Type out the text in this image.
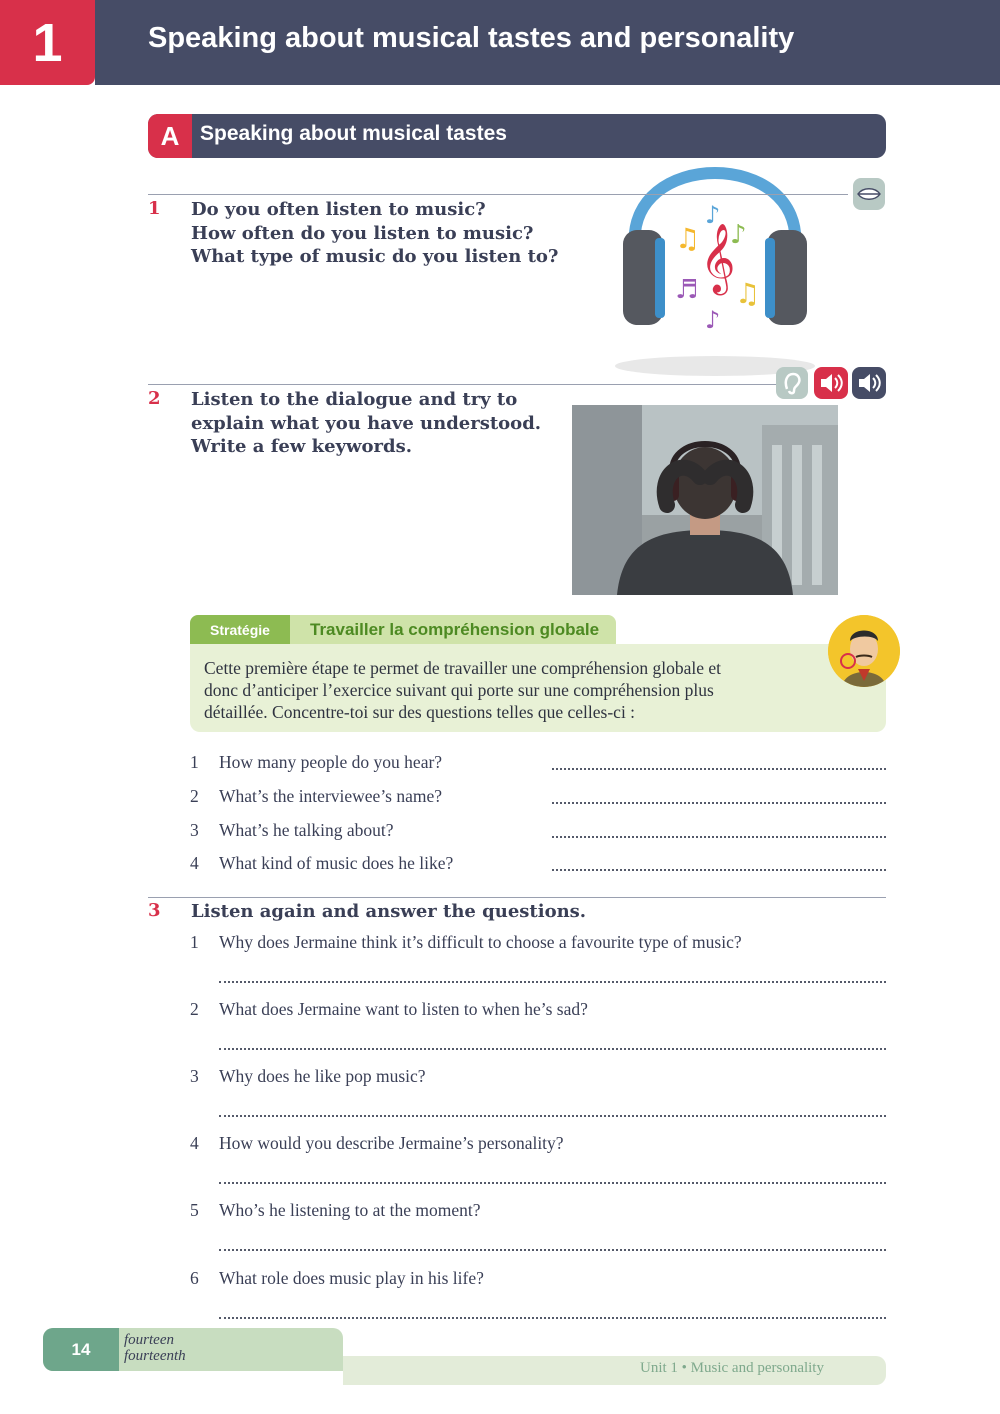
1	Speaking about musical tastes and personality
A Speaking about musical tastes
𝄞
♫ ♪
♬ ♫
♪
♪
1 Do you often listen to music?
How often do you listen to music?
What type of music do you listen to?
2 Listen to the dialogue and try to
explain what you have understood.
Write a few keywords.
Stratégie	Travailler la compréhension globale
Cette première étape te permet de travailler une compréhension globale et
donc d’anticiper l’exercice suivant qui porte sur une compréhension plus
détaillée. Concentre-toi sur des questions telles que celles-ci :
1 How many people do you hear?
2 What’s the interviewee’s name?
3 What’s he talking about?
4 What kind of music does he like?
3 Listen again and answer the questions.
1 Why does Jermaine think it’s difficult to choose a favourite type of music?
2 What does Jermaine want to listen to when he’s sad?
3 Why does he like pop music?
4 How would you describe Jermaine’s personality?
5 Who’s he listening to at the moment?
6 What role does music play in his life?
14	fourteen
fourteenth
Unit 1 • Music and personality
